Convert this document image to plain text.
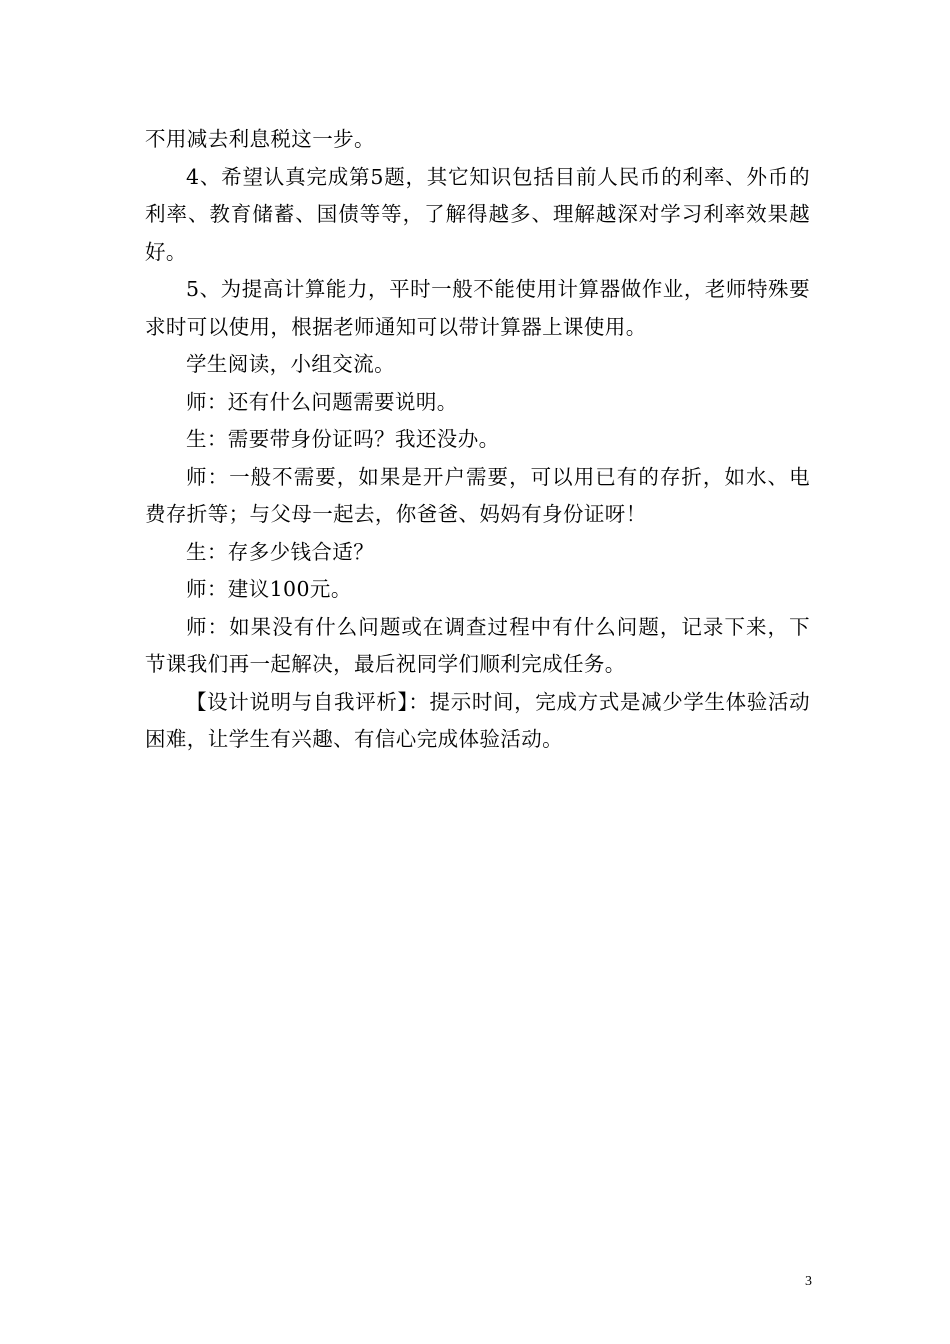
不用减去利息税这一步。

4、希望认真完成第5题，其它知识包括目前人民币的利率、外币的利率、教育储蓄、国债等等，了解得越多、理解越深对学习利率效果越好。

5、为提高计算能力，平时一般不能使用计算器做作业，老师特殊要求时可以使用，根据老师通知可以带计算器上课使用。

学生阅读，小组交流。

师：还有什么问题需要说明。

生：需要带身份证吗？我还没办。

师：一般不需要，如果是开户需要，可以用已有的存折，如水、电费存折等；与父母一起去，你爸爸、妈妈有身份证呀！

生：存多少钱合适？

师：建议100元。

师：如果没有什么问题或在调查过程中有什么问题，记录下来，下节课我们再一起解决，最后祝同学们顺利完成任务。

【设计说明与自我评析】：提示时间，完成方式是减少学生体验活动困难，让学生有兴趣、有信心完成体验活动。

3
